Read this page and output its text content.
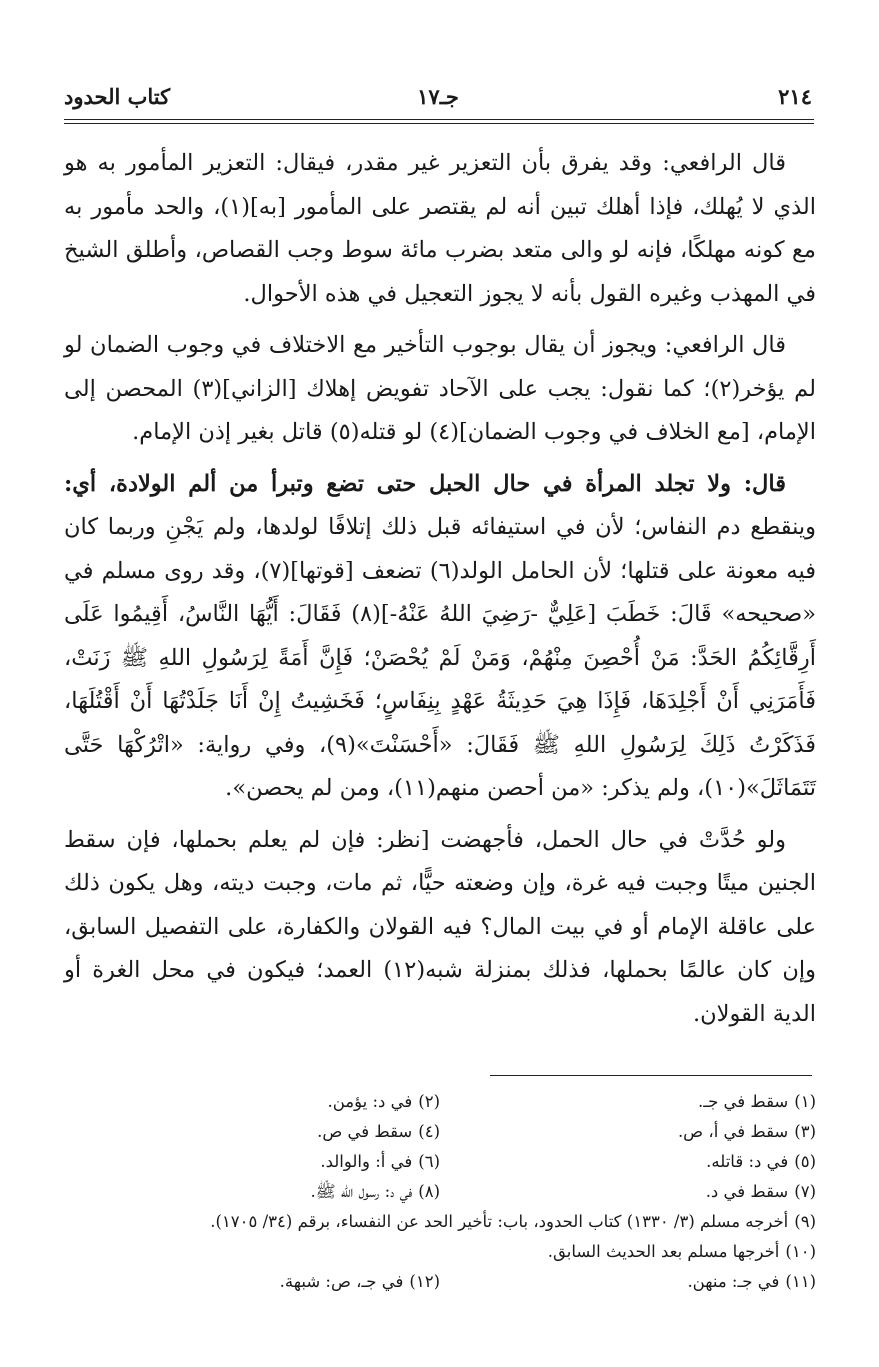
٢١٤
جـ١٧
كتاب الحدود

قال الرافعي: وقد يفرق بأن التعزير غير مقدر، فيقال: التعزير المأمور به هو الذي لا يُهلك، فإذا أهلك تبين أنه لم يقتصر على المأمور [به](١)، والحد مأمور به مع كونه مهلكًا، فإنه لو والى متعد بضرب مائة سوط وجب القصاص، وأطلق الشيخ في المهذب وغيره القول بأنه لا يجوز التعجيل في هذه الأحوال.

قال الرافعي: ويجوز أن يقال بوجوب التأخير مع الاختلاف في وجوب الضمان لو لم يؤخر(٢)؛ كما نقول: يجب على الآحاد تفويض إهلاك [الزاني](٣) المحصن إلى الإمام، [مع الخلاف في وجوب الضمان](٤) لو قتله(٥) قاتل بغير إذن الإمام.

قال: ولا تجلد المرأة في حال الحبل حتى تضع وتبرأ من ألم الولادة، أي: وينقطع دم النفاس؛ لأن في استيفائه قبل ذلك إتلافًا لولدها، ولم يَجْنِ وربما كان فيه معونة على قتلها؛ لأن الحامل الولد(٦) تضعف [قوتها](٧)، وقد روى مسلم في «صحيحه» قَالَ: خَطَبَ [عَلِيٌّ -رَضِيَ اللهُ عَنْهُ-](٨) فَقَالَ: أَيُّهَا النَّاسُ، أَقِيمُوا عَلَى أَرِقَّائِكُمُ الحَدَّ: مَنْ أُحْصِنَ مِنْهُمْ، وَمَنْ لَمْ يُحْصَنْ؛ فَإِنَّ أَمَةً لِرَسُولِ اللهِ ﷺ زَنَتْ، فَأَمَرَنِي أَنْ أَجْلِدَهَا، فَإِذَا هِيَ حَدِيثَةُ عَهْدٍ بِنِفَاسٍ؛ فَخَشِيتُ إِنْ أَنَا جَلَدْتُهَا أَنْ أَقْتُلَهَا، فَذَكَرْتُ ذَلِكَ لِرَسُولِ اللهِ ﷺ فَقَالَ: «أَحْسَنْتَ»(٩)، وفي رواية: «اتْرُكْهَا حَتَّى تَتَمَاثَلَ»(١٠)، ولم يذكر: «من أحصن منهم(١١)، ومن لم يحصن».

ولو حُدَّتْ في حال الحمل، فأجهضت [نظر: فإن لم يعلم بحملها، فإن سقط الجنين ميتًا وجبت فيه غرة، وإن وضعته حيًّا، ثم مات، وجبت ديته، وهل يكون ذلك على عاقلة الإمام أو في بيت المال؟ فيه القولان والكفارة، على التفصيل السابق، وإن كان عالمًا بحملها، فذلك بمنزلة شبه(١٢) العمد؛ فيكون في محل الغرة أو الدية القولان.

(١)سقط في جـ.
(٢)في د: يؤمن.
(٣)سقط في أ، ص.
(٤)سقط في ص.
(٥)في د: قاتله.
(٦)في أ: والوالد.
(٧)سقط في د.
(٨)في د: رسول الله ﷺ.
(٩)أخرجه مسلم (٣/ ١٣٣٠) كتاب الحدود، باب: تأخير الحد عن النفساء، برقم (٣٤/ ١٧٠٥).
(١٠)أخرجها مسلم بعد الحديث السابق.
(١١)في جـ: منهن.
(١٢)في جـ، ص: شبهة.
